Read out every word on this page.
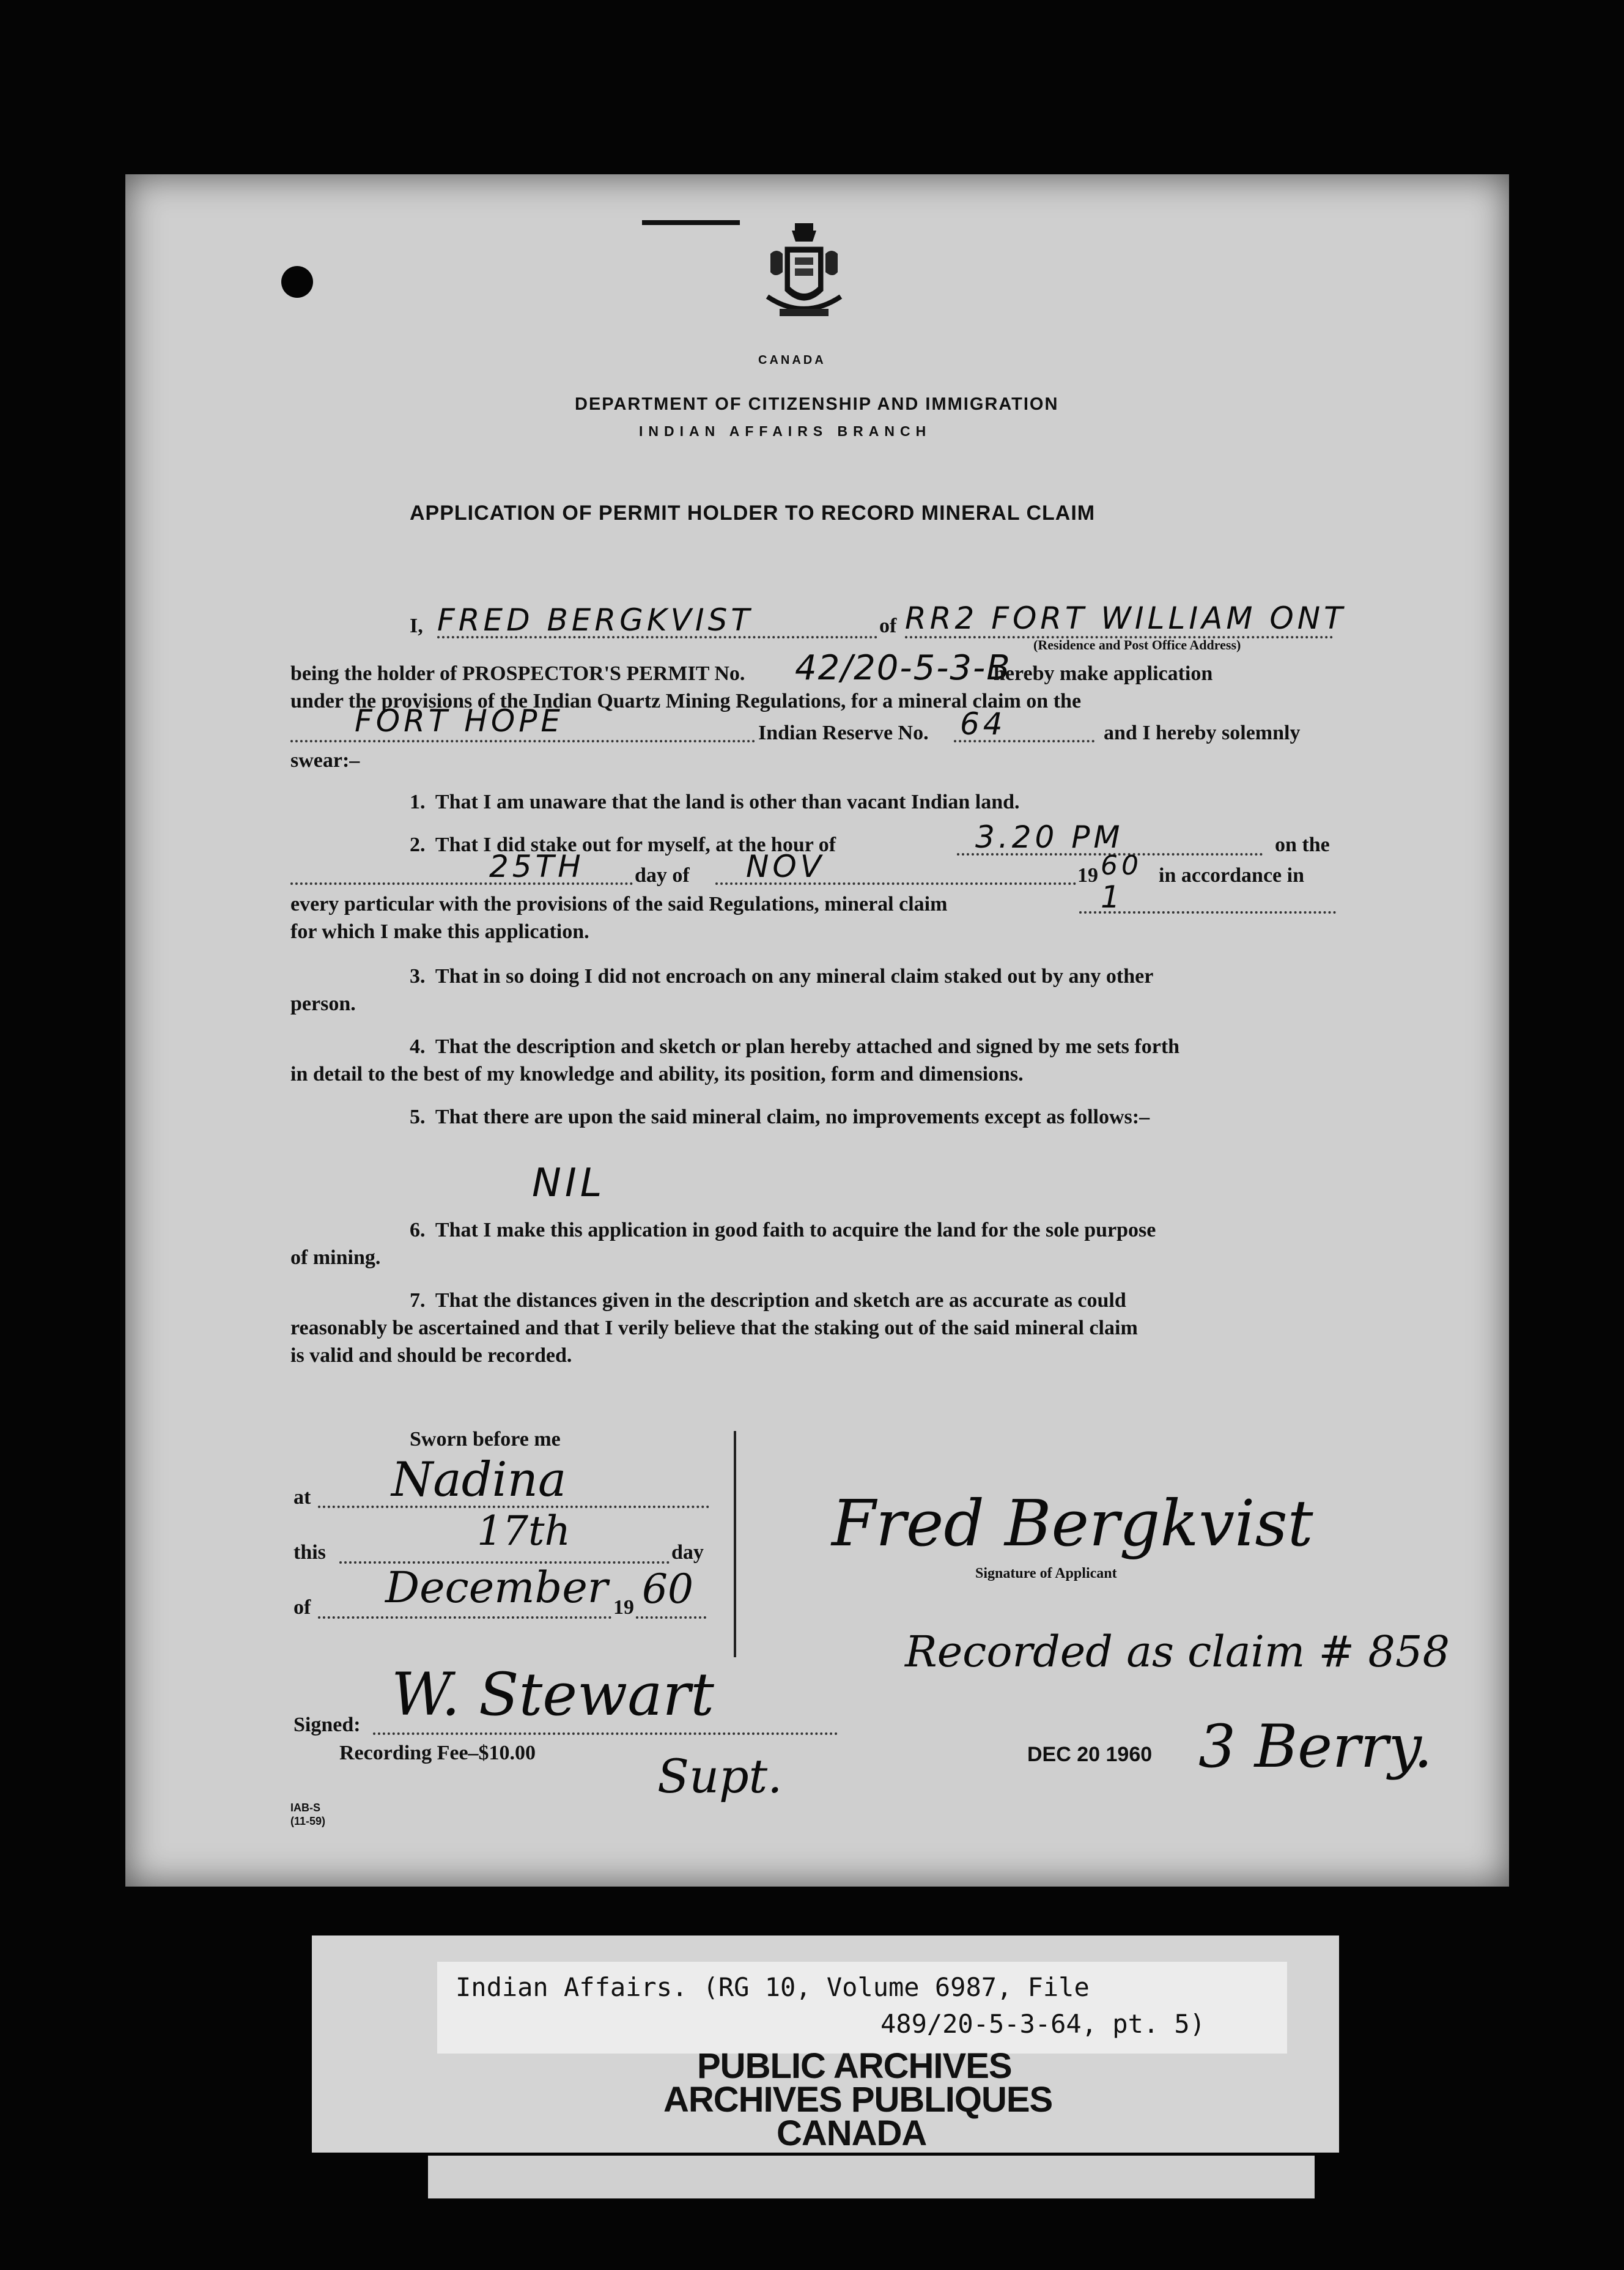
CANADA
DEPARTMENT OF CITIZENSHIP AND IMMIGRATION
INDIAN AFFAIRS BRANCH
APPLICATION OF PERMIT HOLDER TO RECORD MINERAL CLAIM
I, FRED BERGKVIST	of RR2 FORT WILLIAM ONT
(Residence and Post Office Address)
being the holder of PROSPECTOR'S PERMIT No. 42/20-5-3-B
hereby make application
under the provisions of the Indian Quartz Mining Regulations, for a mineral claim on the
FORT HOPE	Indian Reserve No. 64	and I hereby solemnly
swear:–
1.  That I am unaware that the land is other than vacant Indian land.
2.  That I did stake out for myself, at the hour of	3.20 PM	on the
25TH day of NOV	19 60 in accordance in
every particular with the provisions of the said Regulations, mineral claim	1
for which I make this application.
3.  That in so doing I did not encroach on any mineral claim staked out by any other
person.
4.  That the description and sketch or plan hereby attached and signed by me sets forth
in detail to the best of my knowledge and ability, its position, form and dimensions.
5.  That there are upon the said mineral claim, no improvements except as follows:–
NIL
6.  That I make this application in good faith to acquire the land for the sole purpose
of mining.
7.  That the distances given in the description and sketch are as accurate as could
reasonably be ascertained and that I verily believe that the staking out of the said mineral claim
is valid and should be recorded.
Sworn before me
at Nadina
this	17th	day
of December 19 60
Signed: W. Stewart
Recording Fee–$10.00	Supt.
IAB-S
(11-59)
Fred Bergkvist
Signature of Applicant
Recorded as claim # 858
DEC 20 1960 3 Berry.
Indian Affairs. (RG 10, Volume 6987, File
489/20-5-3-64, pt. 5)
PUBLIC ARCHIVES
ARCHIVES PUBLIQUES
CANADA
